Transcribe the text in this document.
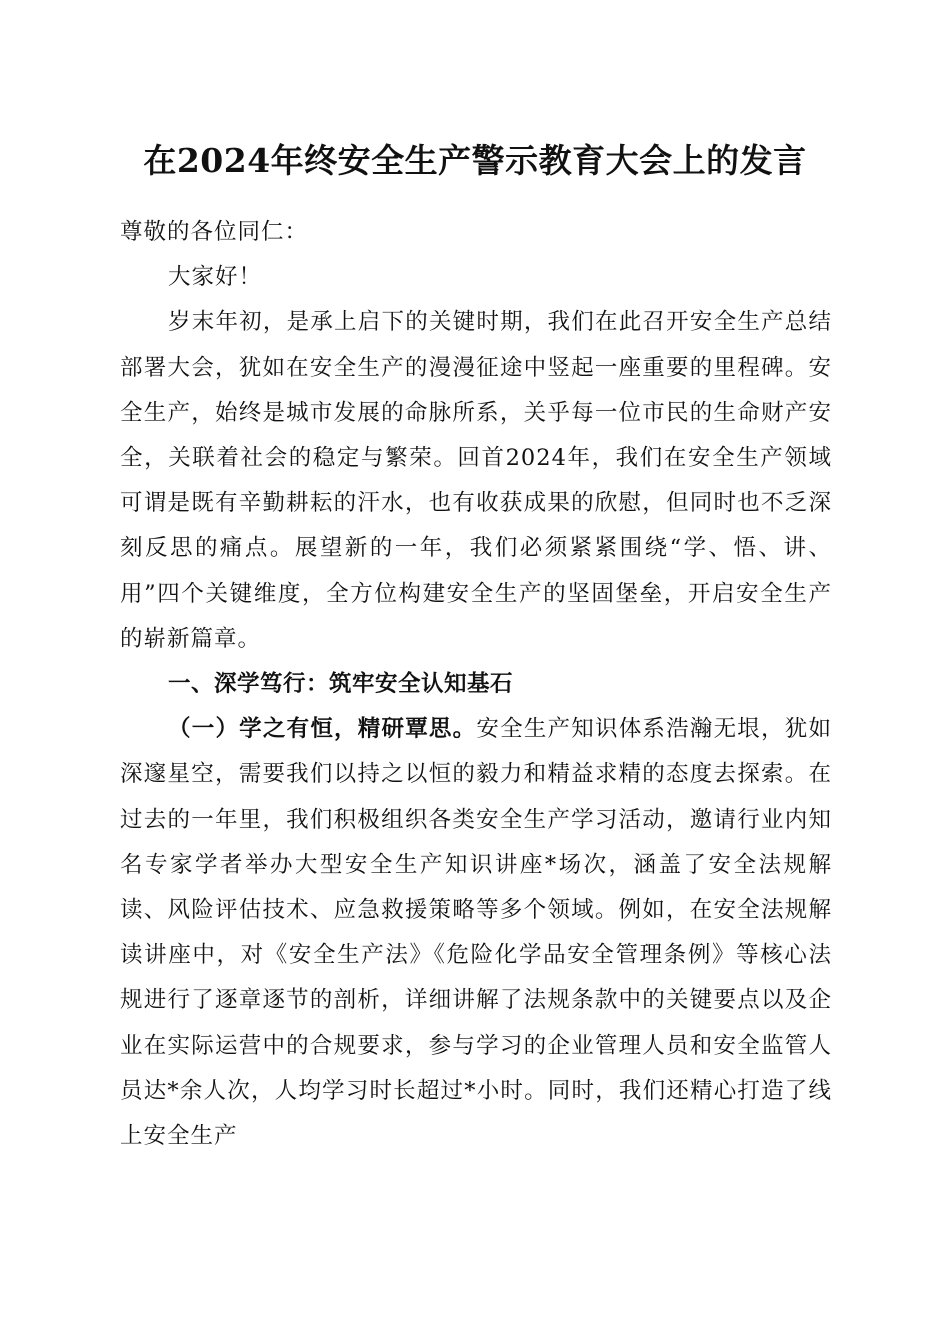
在2024年终安全生产警示教育大会上的发言

尊敬的各位同仁：

大家好！

岁末年初，是承上启下的关键时期，我们在此召开安全生产总结部署大会，犹如在安全生产的漫漫征途中竖起一座重要的里程碑。安全生产，始终是城市发展的命脉所系，关乎每一位市民的生命财产安全，关联着社会的稳定与繁荣。回首2024年，我们在安全生产领域可谓是既有辛勤耕耘的汗水，也有收获成果的欣慰，但同时也不乏深刻反思的痛点。展望新的一年，我们必须紧紧围绕“学、悟、讲、用”四个关键维度，全方位构建安全生产的坚固堡垒，开启安全生产的崭新篇章。

一、深学笃行：筑牢安全认知基石

（一）学之有恒，精研覃思。安全生产知识体系浩瀚无垠，犹如深邃星空，需要我们以持之以恒的毅力和精益求精的态度去探索。在过去的一年里，我们积极组织各类安全生产学习活动，邀请行业内知名专家学者举办大型安全生产知识讲座*场次，涵盖了安全法规解读、风险评估技术、应急救援策略等多个领域。例如，在安全法规解读讲座中，对《安全生产法》《危险化学品安全管理条例》等核心法规进行了逐章逐节的剖析，详细讲解了法规条款中的关键要点以及企业在实际运营中的合规要求，参与学习的企业管理人员和安全监管人员达*余人次，人均学习时长超过*小时。同时，我们还精心打造了线上安全生产
